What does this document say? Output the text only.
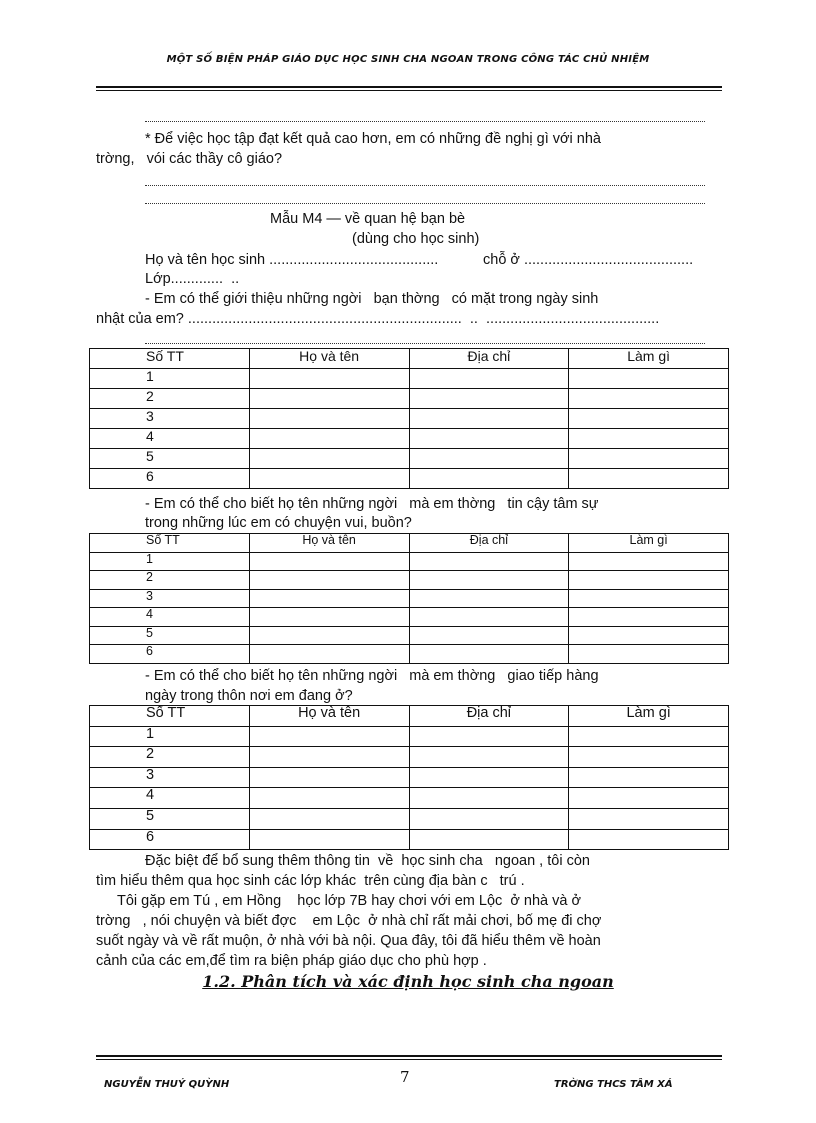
MỘT SỐ BIỆN PHÁP GIÁO DỤC HỌC SINH CHA NGOAN TRONG CÔNG TÁC CHỦ NHIỆM
* Để việc học tập đạt kết quả cao hơn, em có những đề nghị gì với nhà
trờng,   vói các thầy cô giáo?
Mẫu M4 — về quan hệ bạn bè
(dùng cho học sinh)
Họ và tên học sinh ..........................................	chỗ ở ..........................................
Lớp.............  ..
- Em có thể giới thiệu những ngời   bạn thờng   có mặt trong ngày sinh
nhật của em? ....................................................................  ..  ...........................................
Số TT	Họ và tên	Địa chỉ	Làm gì
1			
2			
3			
4			
5			
6			
- Em có thể cho biết họ tên những ngời   mà em thờng   tin cậy tâm sự
trong những lúc em có chuyện vui, buồn?
Số TT	Họ và tên	Địa chỉ	Làm gì
1			
2			
3			
4			
5			
6			
- Em có thể cho biết họ tên những ngời   mà em thờng   giao tiếp hàng
ngày trong thôn nơi em đang ở?
Số TT	Họ và tên	Địa chỉ	Làm gì
1			
2			
3			
4			
5			
6			
Đặc biệt để bổ sung thêm thông tin  về  học sinh cha   ngoan , tôi còn
tìm hiểu thêm qua học sinh các lớp khác  trên cùng địa bàn c   trú .
Tôi gặp em Tú , em Hồng    học lớp 7B hay chơi với em Lộc  ở nhà và ở
trờng   , nói chuyện và biết đợc    em Lộc  ở nhà chỉ rất mải chơi, bố mẹ đi chợ
suốt ngày và về rất muộn, ở nhà với bà nội. Qua đây, tôi đã hiểu thêm về hoàn
cảnh của các em,để tìm ra biện pháp giáo dục cho phù hợp .
1.2. Phân tích và xác định học sinh cha ngoan
NGUYỄN THUÝ QUỲNH	7	TRỜNG THCS TÂM XÁ
